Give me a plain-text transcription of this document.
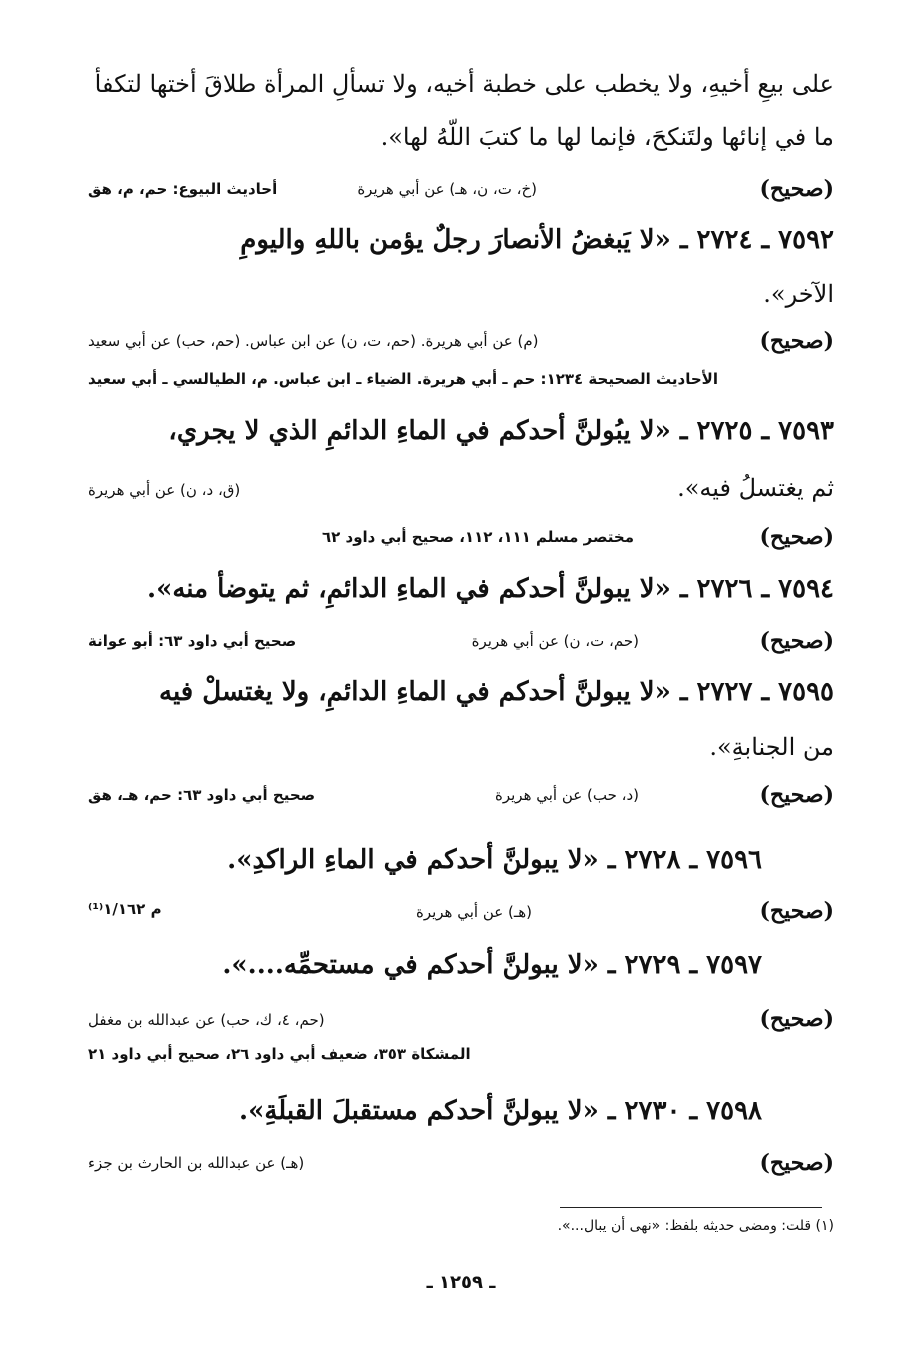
على بيعِ أخيهِ، ولا يخطب على خطبة أخيه، ولا تسألِ المرأة طلاقَ أختها لتكفأ
ما في إنائها ولتَنكحَ، فإنما لها ما كتبَ اللّهُ لها».
(صحيح)
(خ، ت، ن، هـ) عن أبي هريرة
أحاديث البيوع: حم، م، هق
٧٥٩٢ ـ ٢٧٢٤ ـ «لا يَبغضُ الأنصارَ رجلٌ يؤمن باللهِ واليومِ
الآخر».
(صحيح)
(م) عن أبي هريرة. (حم، ت، ن) عن ابن عباس. (حم، حب) عن أبي سعيد
الأحاديث الصحيحة ١٢٣٤: حم ـ أبي هريرة. الضياء ـ ابن عباس. م، الطيالسي ـ أبي سعيد
٧٥٩٣ ـ ٢٧٢٥ ـ «لا يبُولنَّ أحدكم في الماءِ الدائمِ الذي لا يجري،
ثم يغتسلُ فيه».
(ق، د، ن) عن أبي هريرة
(صحيح)
مختصر مسلم ١١١، ١١٢، صحيح أبي داود ٦٢
٧٥٩٤ ـ ٢٧٢٦ ـ «لا يبولنَّ أحدكم في الماءِ الدائمِ، ثم يتوضأ منه».
(صحيح)
(حم، ت، ن) عن أبي هريرة
صحيح أبي داود ٦٣: أبو عوانة
٧٥٩٥ ـ ٢٧٢٧ ـ «لا يبولنَّ أحدكم في الماءِ الدائمِ، ولا يغتسلْ فيه
من الجنابةِ».
(صحيح)
(د، حب) عن أبي هريرة
صحيح أبي داود ٦٣: حم، هـ، هق
٧٥٩٦ ـ ٢٧٢٨ ـ «لا يبولنَّ أحدكم في الماءِ الراكدِ».
(صحيح)
(هـ) عن أبي هريرة
م ١/١٦٢⁽¹⁾
٧٥٩٧ ـ ٢٧٢٩ ـ «لا يبولنَّ أحدكم في مستحمِّه....».
(صحيح)
(حم، ٤، ك، حب) عن عبدالله بن مغفل
المشكاة ٣٥٣، ضعيف أبي داود ٢٦، صحيح أبي داود ٢١
٧٥٩٨ ـ ٢٧٣٠ ـ «لا يبولنَّ أحدكم مستقبلَ القبلَةِ».
(صحيح)
(هـ) عن عبدالله بن الحارث بن جزء
(١) قلت: ومضى حديثه بلفظ: «نهى أن يبال...».
ـ ١٢٥٩ ـ
